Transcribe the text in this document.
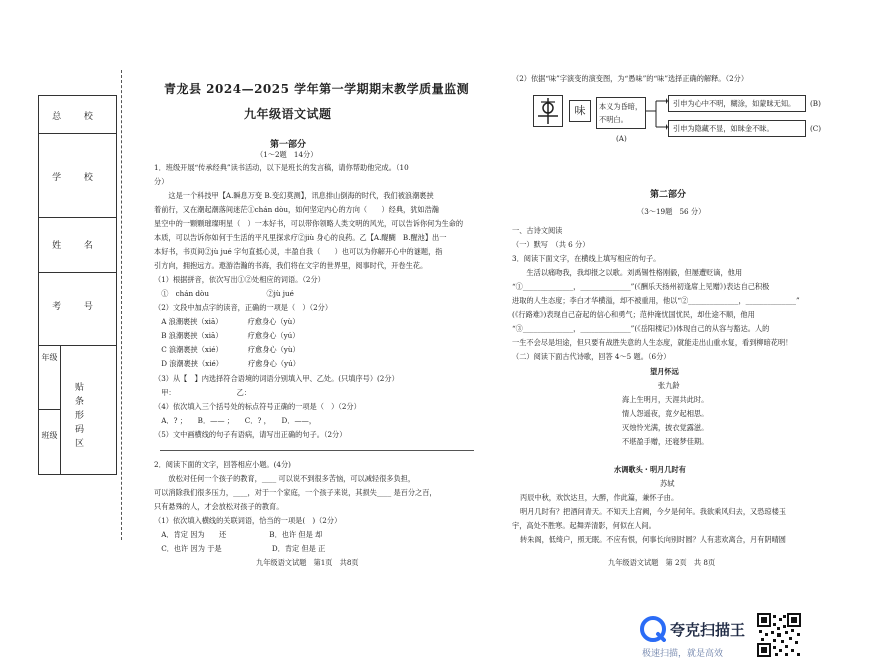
总 校
学 校
姓 名
考 号
年级
班级
贴条形码区
青龙县 2024—2025 学年第一学期期末教学质量监测
九年级语文试题
第一部分
（1～2题　14分）
1．班级开展“传承经典”读书活动，以下是班长的发言稿，请你帮助他完成。（10
分）
　　这是一个科技甲【A.瞬息万变 B.变幻莫测】，讯息排山倒海的时代，我们被浪潮裹挟
着前行，又在潮起潮落间迷茫①chán dòu，如何坚定内心的方向（　　）经典，犹如浩瀚
星空中的一颗颗璀璨明星（　）一本好书，可以带你领略人类文明的风光，可以告诉你何为生命的
本质，可以告诉你如何于生活的平凡里探求疗②jiù 身心的良药。乙【A.醍醐　B.醒池】出一
本好书，书页间②jù jué 字句直抵心灵，丰盈自我（　　）也可以为你解开心中的谜题，指
引方向，拥抱远方。遨游浩瀚的书海，我们将在文字的世界里，阅事时代，开卷生花。
（1）根据拼音，依次写出①②处相应的词语。（2分）
　①　chán dòu　　　　　　　　②jù jué
（2）文段中加点字的读音，正确的一项是（　）（2分）
　A 浪潮裹挟（xiā）　　　　疗愈身心（yù）
　B 浪潮裹挟（xiā）　　　　疗愈身心（yú）
　C 浪潮裹挟（xié）　　　　疗愈身心（yù）
　D 浪潮裹挟（xié）　　　　疗愈身心（yú）
（3）从【　】内选择符合语境的词语分别填入甲、乙处。(只填序号）(2分）
　甲：　　　　　　　　　乙：
（4）依次填入三个括号处的标点符号正确的一项是（　）（2分）
　A．? ；　　B．—— ；　　C．? ，　　D．——，
（5）文中画横线的句子有语病，请写出正确的句子。（2分）
2．阅读下面的文字，回答相应小题。(4分)
　　放松对任何一个孩子的教育，____ 可以说不到很多苦恼，可以减轻很多负担，
可以消除我们很多压力，____，对于一个家庭，一个孩子来说，其损失____ 是百分之百，
只有悬殊的人，才会放松对孩子的教育。
（1）依次填入横线的关联词语，恰当的一项是(　)（2分）
　A．肯定 因为　　还　　　　　　B．也许 但是 却
　C．也许 因为 于是　　　　　　　D．肯定 但是 正
九年级语文试题　第1页　共8页
（2）依据“味”字演变的演变图，为“愚味”的“味”选择正确的解释。（2分）
味	本义为昏暗，
不明白。
(A)
引申为心中不明，糊涂，如蒙昧无知。	(B)
引申为隐藏不显，如昧金不昧。	(C)
第二部分
（3～19题　56 分）
一、古诗文阅读
（一）默写　（共 6 分）
3．阅读下面文字，在横线上填写相应的句子。
　　生活以痛吻我，我却报之以歌。刘禹锡性格刚毅，但屡遭贬谪，他用
“①______________，______________”(《酬乐天扬州初逢席上见赠》)表达自己积极
进取的人生态度；李白才华横溢，却不被重用，他以“②______________，______________”
(《行路难》)表现自己奋起的信心和勇气；范仲淹忧国忧民，却仕途不顺，他用
“③______________，______________”(《岳阳楼记》)体现自己的从容与豁达。人的
一生不会尽是坦途，但只要有战胜失意的人生态度，就能走出山重水复，看到柳暗花明！
（二）阅读下面古代诗歌，回答 4～5 题。（6分）
望月怀远
张九龄
海上生明月，天涯共此时。
情人怨遥夜，竟夕起相思。
灭烛怜光满，披衣觉露滋。
不堪盈手赠，还寝梦佳期。
水调歌头・明月几时有
苏轼
丙辰中秋，欢饮达旦，大醉，作此篇，兼怀子由。
明月几时有？把酒问青天。不知天上宫阙，今夕是何年。我欲乘风归去，又恐琼楼玉
宇，高处不胜寒。起舞弄清影，何似在人间。
转朱阁，低绮户，照无眠。不应有恨，何事长向别时圆？人有悲欢离合，月有阴晴圆
九年级语文试题　第 2页　共 8页
夸克扫描王
极速扫描，就是高效
